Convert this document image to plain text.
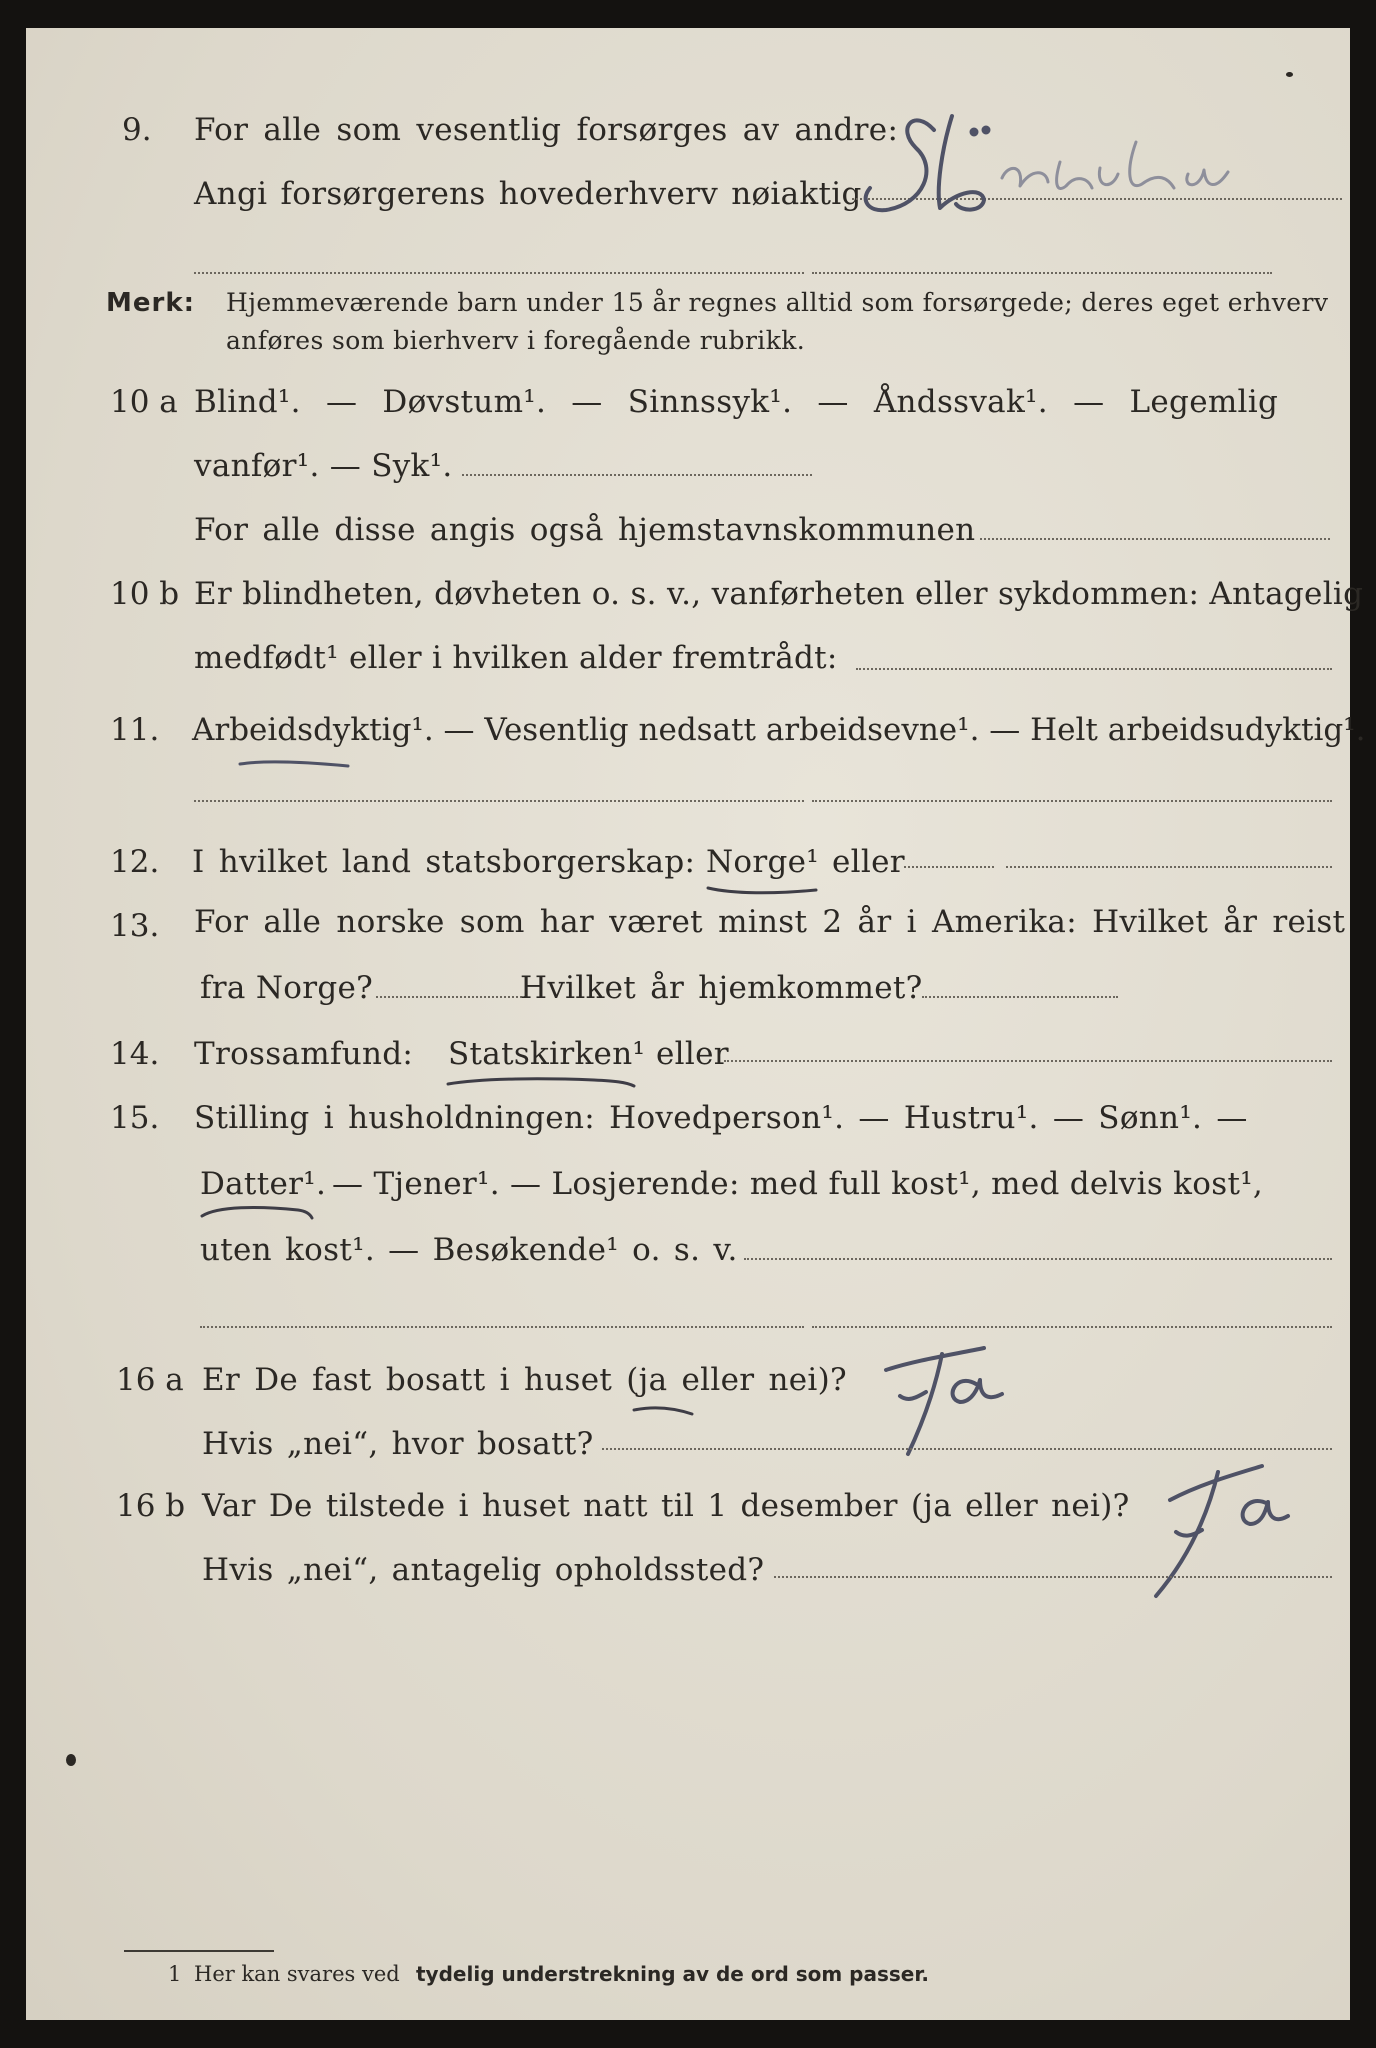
9. For alle som vesentlig forsørges av andre:
Angi forsørgerens hovederhverv nøiaktig
Merk: Hjemmeværende barn under 15 år regnes alltid som forsørgede; deres eget erhverv
anføres som bierhverv i foregående rubrikk.
10 a Blind¹. — Døvstum¹. — Sinnssyk¹. — Åndssvak¹. — Legemlig
vanfør¹. — Syk¹.
For alle disse angis også hjemstavnskommunen
10 b Er blindheten, døvheten o. s. v., vanførheten eller sykdommen: Antagelig
medfødt¹ eller i hvilken alder fremtrådt:
11. Arbeidsdyktig¹. — Vesentlig nedsatt arbeidsevne¹. — Helt arbeidsudyktig¹.
12. I hvilket land statsborgerskap: Norge¹ eller
13. For alle norske som har været minst 2 år i Amerika: Hvilket år reist
fra Norge?	Hvilket år hjemkommet?
14. Trossamfund: Statskirken¹ eller
15. Stilling i husholdningen: Hovedperson¹. — Hustru¹. — Sønn¹. —
Datter¹. — Tjener¹. — Losjerende: med full kost¹, med delvis kost¹,
uten kost¹. — Besøkende¹ o. s. v.
16 a Er De fast bosatt i huset (ja eller nei)?
Hvis „nei“, hvor bosatt?
16 b Var De tilstede i huset natt til 1 desember (ja eller nei)?
Hvis „nei“, antagelig opholdssted?
1 Her kan svares ved tydelig understrekning av de ord som passer.
